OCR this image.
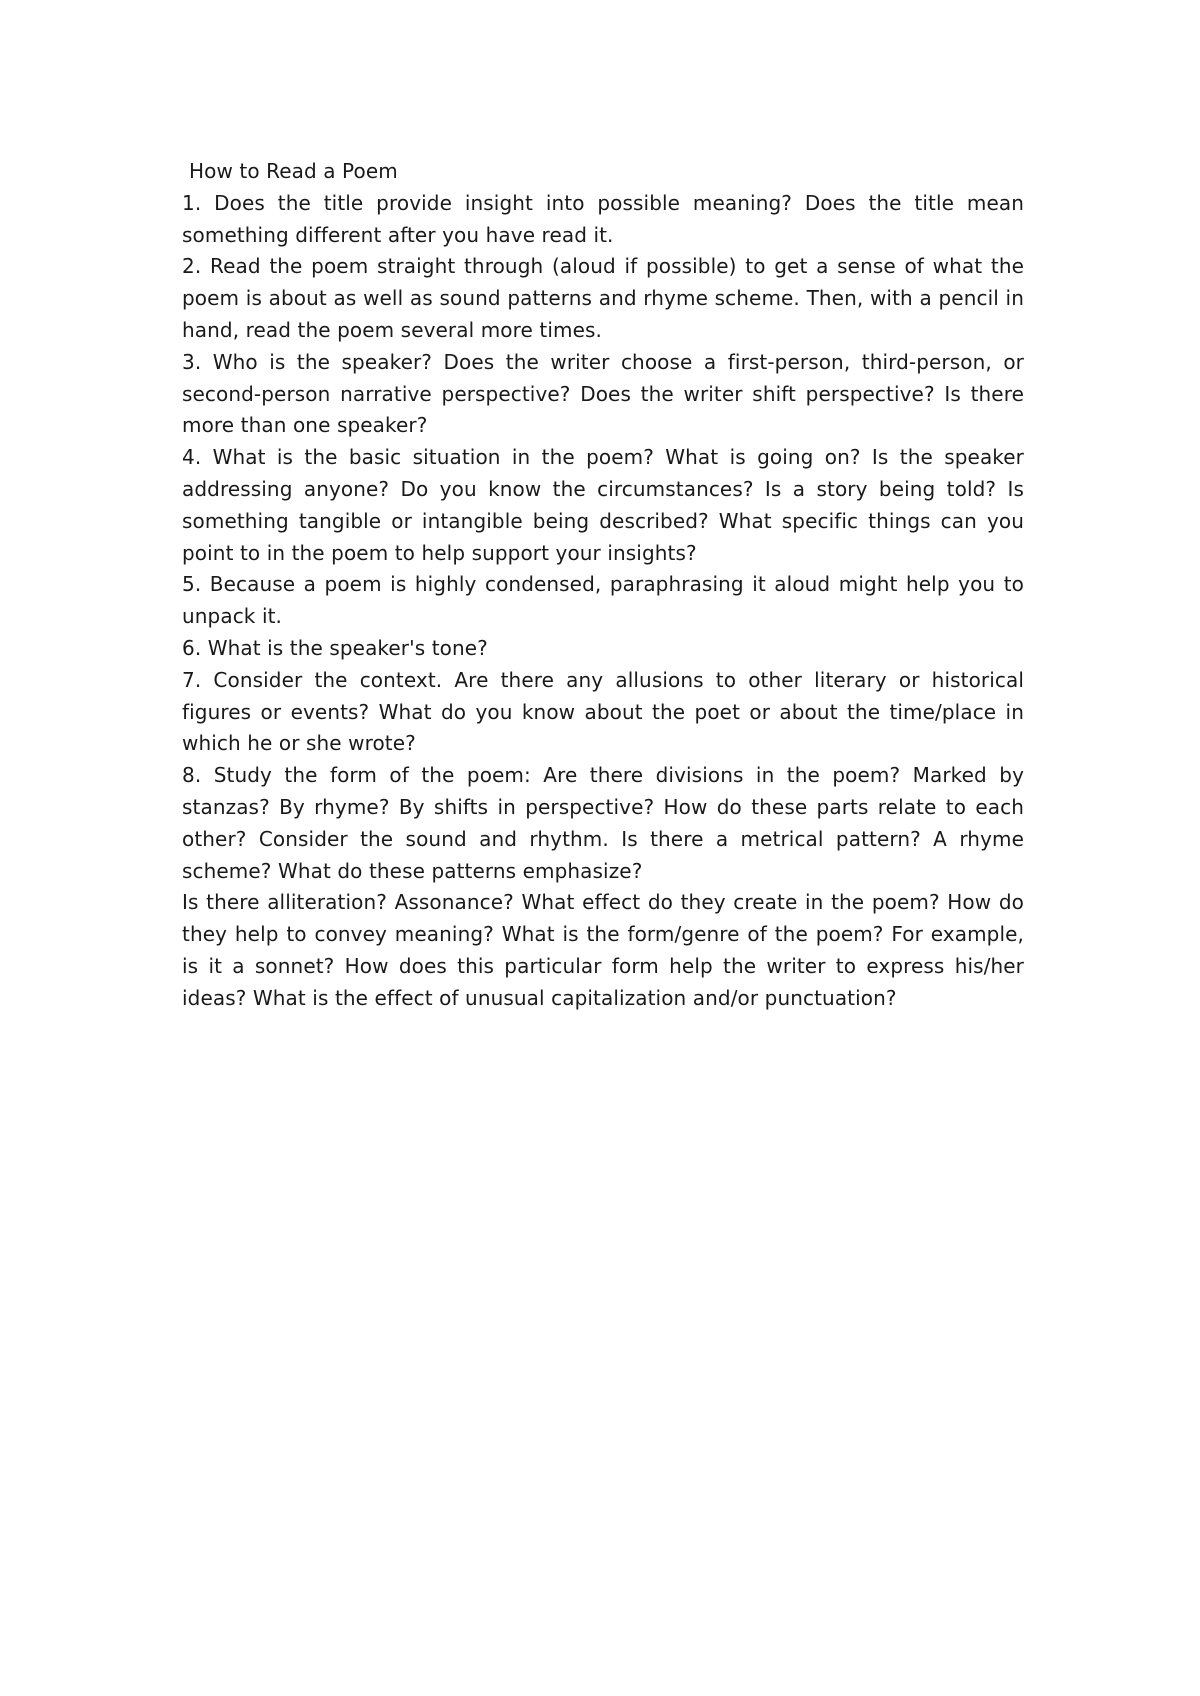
How to Read a Poem

1. Does the title provide insight into possible meaning? Does the title mean something different after you have read it.

2. Read the poem straight through (aloud if possible) to get a sense of what the poem is about as well as sound patterns and rhyme scheme. Then, with a pencil in hand, read the poem several more times.

3. Who is the speaker? Does the writer choose a first-person, third-person, or second-person narrative perspective? Does the writer shift perspective? Is there more than one speaker?

4. What is the basic situation in the poem? What is going on? Is the speaker addressing anyone? Do you know the circumstances? Is a story being told? Is something tangible or intangible being described? What specific things can you point to in the poem to help support your insights?

5. Because a poem is highly condensed, paraphrasing it aloud might help you to unpack it.

6. What is the speaker's tone?

7. Consider the context. Are there any allusions to other literary or historical figures or events? What do you know about the poet or about the time/place in which he or she wrote?

8. Study the form of the poem: Are there divisions in the poem? Marked by stanzas? By rhyme? By shifts in perspective? How do these parts relate to each other? Consider the sound and rhythm. Is there a metrical pattern? A rhyme scheme? What do these patterns emphasize?

Is there alliteration? Assonance? What effect do they create in the poem? How do they help to convey meaning? What is the form/genre of the poem? For example, is it a sonnet? How does this particular form help the writer to express his/her ideas? What is the effect of unusual capitalization and/or punctuation?
